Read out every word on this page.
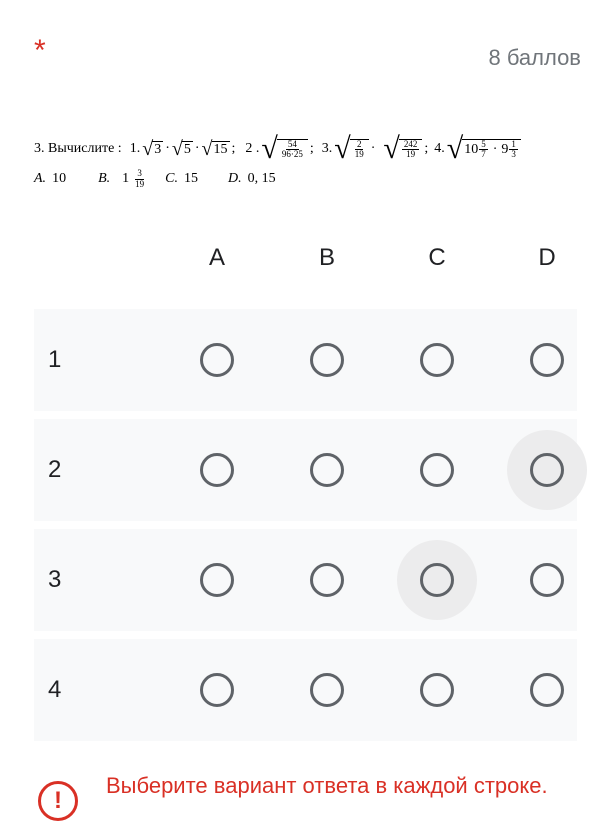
*	8 баллов
3. Вычислите : 1. √ 3 · √ 5 · √ 15 ; 2 . √ $\frac{54}{96\cdot 25}$ ; 3. √ $\frac{2}{19}$ · √ $\frac{242}{19}$ ; 4. √ $10 \frac{5}{7} \cdot 9 \frac{1}{3}$
A. 10 B. $1 \frac{3}{19} C$. 15 D. 0, 15
A	B	C	D
1
2
3
4
!
Выберите вариант ответа в каждой строке.
